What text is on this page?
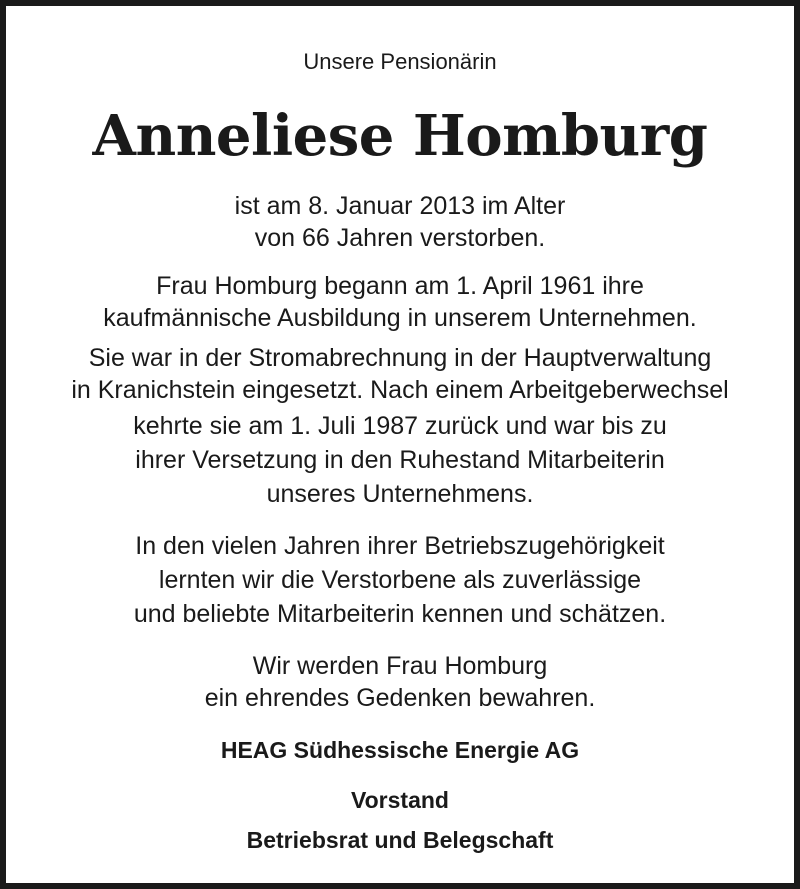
Unsere Pensionärin

Anneliese Homburg

ist am 8. Januar 2013 im Alter

von 66 Jahren verstorben.

Frau Homburg begann am 1. April 1961 ihre

kaufmännische Ausbildung in unserem Unternehmen.

Sie war in der Stromabrechnung in der Hauptverwaltung

in Kranichstein eingesetzt. Nach einem Arbeitgeberwechsel

kehrte sie am 1. Juli 1987 zurück und war bis zu

ihrer Versetzung in den Ruhestand Mitarbeiterin

unseres Unternehmens.

In den vielen Jahren ihrer Betriebszugehörigkeit

lernten wir die Verstorbene als zuverlässige

und beliebte Mitarbeiterin kennen und schätzen.

Wir werden Frau Homburg

ein ehrendes Gedenken bewahren.

HEAG Südhessische Energie AG

Vorstand

Betriebsrat und Belegschaft
